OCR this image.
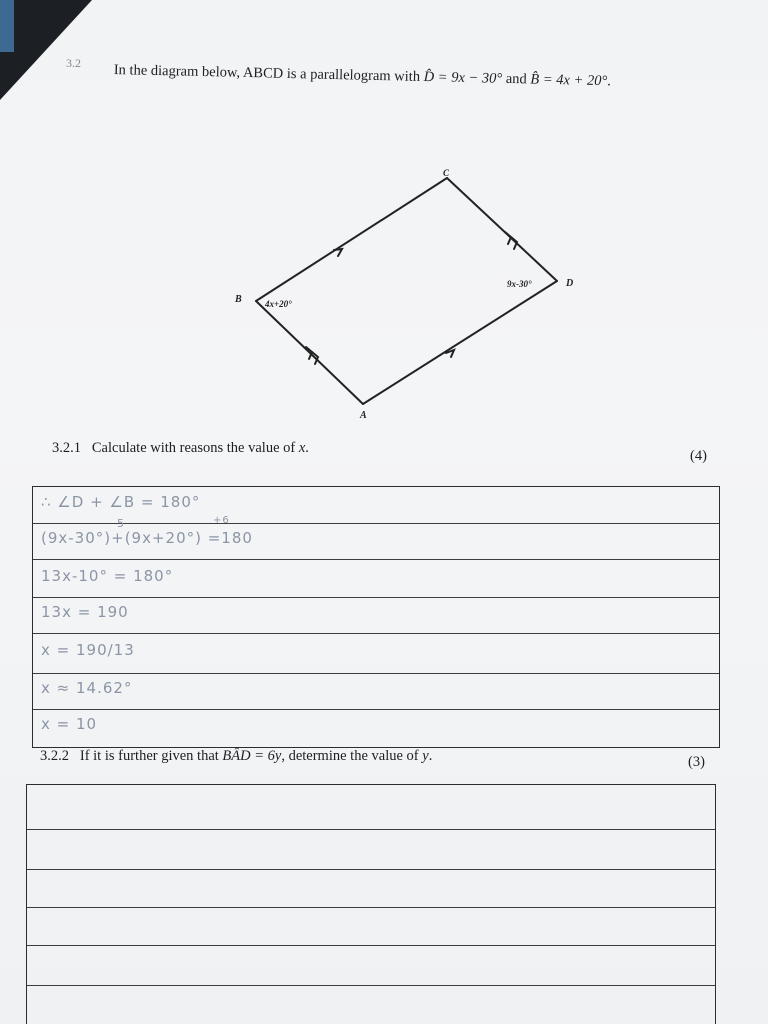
3.2 In the diagram below, ABCD is a parallelogram with D̂ = 9x − 30° and B̂ = 4x + 20°.
C
B
D
A
4x+20°
9x-30°
3.2.1 Calculate with reasons the value of x.	(4)
∴ ∠D + ∠B = 180°
(9x-30°)+(9x+20°) =180
5	+6
13x-10° = 180°
13x = 190
x = 190/13
x ≈ 14.62°
x = 10
3.2.2 If it is further given that BÂD = 6y, determine the value of y.	(3)
